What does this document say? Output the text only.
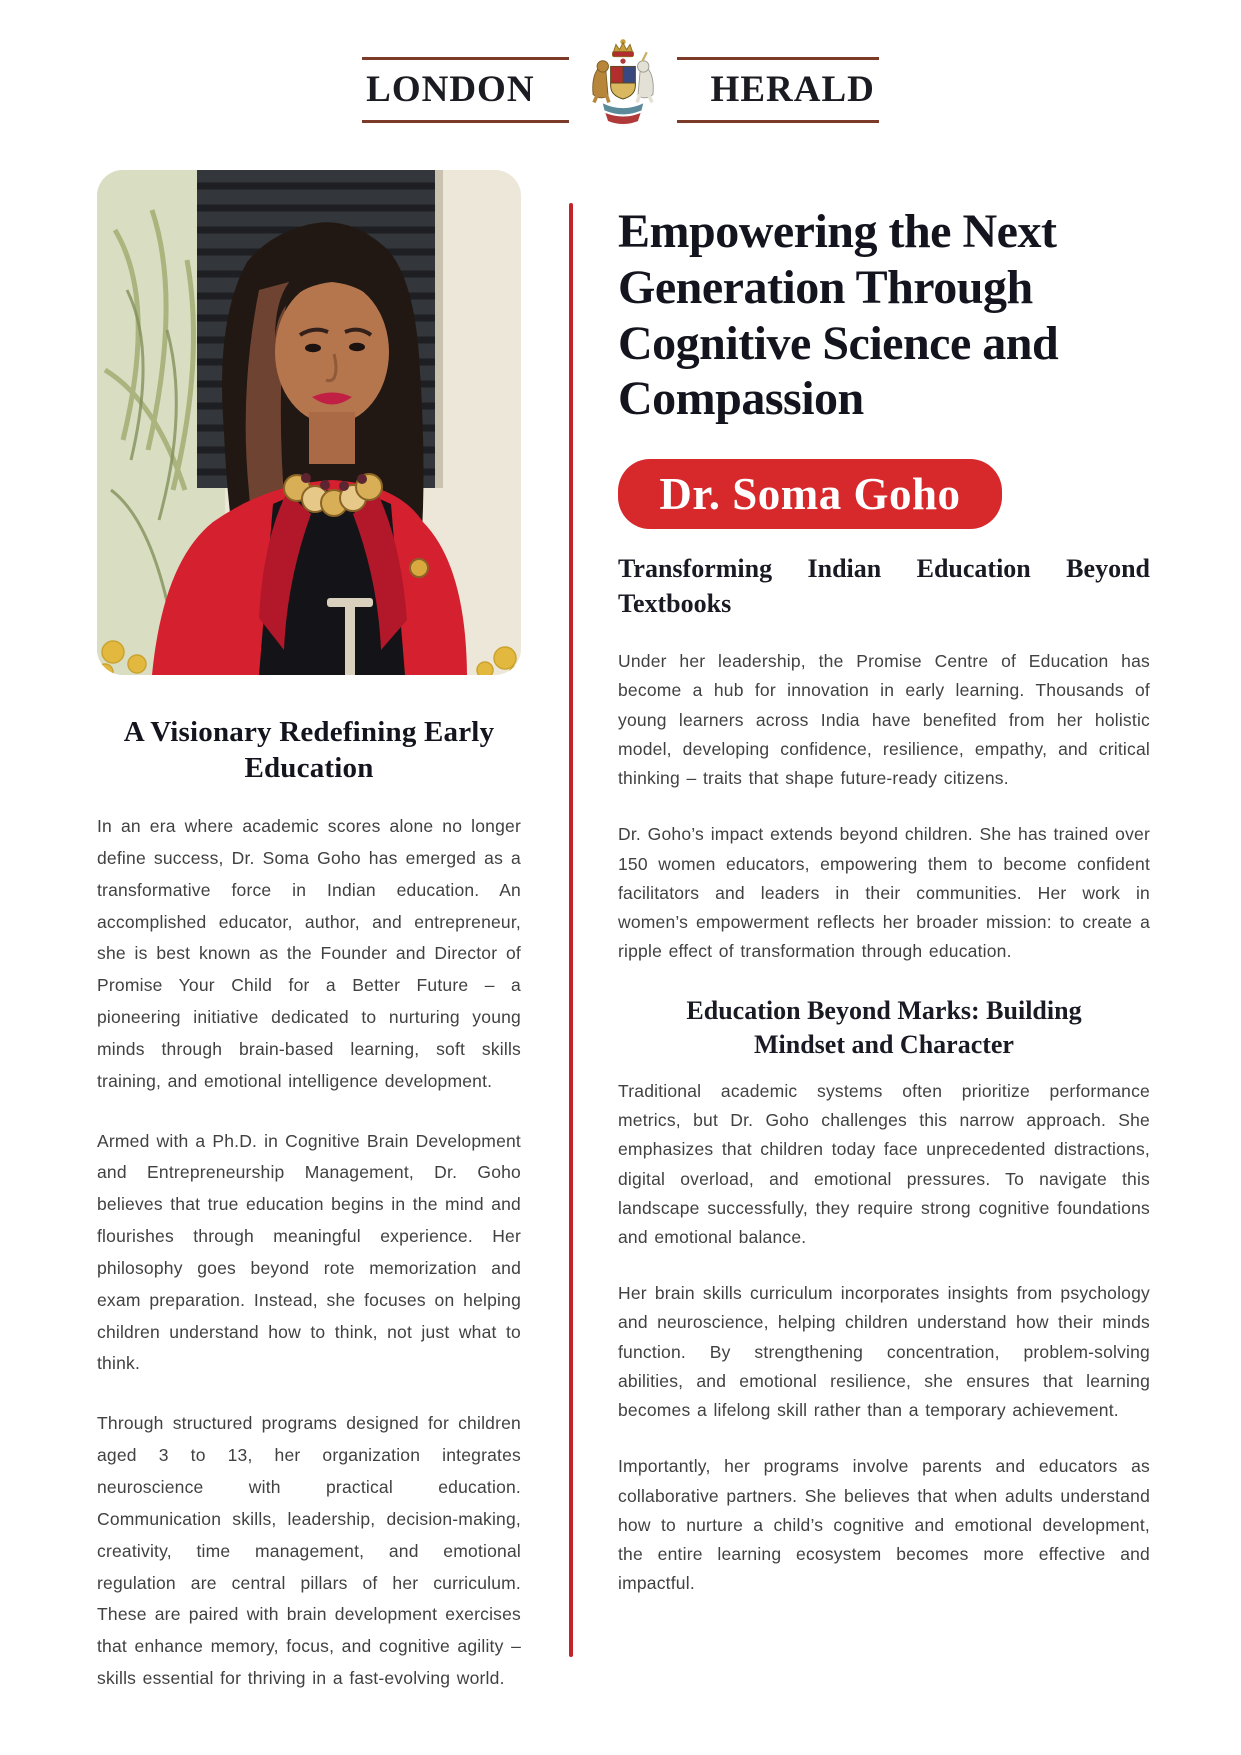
LONDON	HERALD
A Visionary Redefining Early Education

In an era where academic scores alone no longer define success, Dr. Soma Goho has emerged as a transformative force in Indian education. An accomplished educator, author, and entrepreneur, she is best known as the Founder and Director of Promise Your Child for a Better Future – a pioneering initiative dedicated to nurturing young minds through brain-based learning, soft skills training, and emotional intelligence development.

Armed with a Ph.D. in Cognitive Brain Development and Entrepreneurship Management, Dr. Goho believes that true education begins in the mind and flourishes through meaningful experience. Her philosophy goes beyond rote memorization and exam preparation. Instead, she focuses on helping children understand how to think, not just what to think.

Through structured programs designed for children aged 3 to 13, her organization integrates neuroscience with practical education. Communication skills, leadership, decision-making, creativity, time management, and emotional regulation are central pillars of her curriculum. These are paired with brain development exercises that enhance memory, focus, and cognitive agility – skills essential for thriving in a fast-evolving world.

Empowering the Next Generation Through Cognitive Science and Compassion
Dr. Soma Goho
Transforming Indian Education Beyond Textbooks

Under her leadership, the Promise Centre of Education has become a hub for innovation in early learning. Thousands of young learners across India have benefited from her holistic model, developing confidence, resilience, empathy, and critical thinking – traits that shape future-ready citizens.

Dr. Goho’s impact extends beyond children. She has trained over 150 women educators, empowering them to become confident facilitators and leaders in their communities. Her work in women’s empowerment reflects her broader mission: to create a ripple effect of transformation through education.

Education Beyond Marks: Building Mindset and Character

Traditional academic systems often prioritize performance metrics, but Dr. Goho challenges this narrow approach. She emphasizes that children today face unprecedented distractions, digital overload, and emotional pressures. To navigate this landscape successfully, they require strong cognitive foundations and emotional balance.

Her brain skills curriculum incorporates insights from psychology and neuroscience, helping children understand how their minds function. By strengthening concentration, problem-solving abilities, and emotional resilience, she ensures that learning becomes a lifelong skill rather than a temporary achievement.

Importantly, her programs involve parents and educators as collaborative partners. She believes that when adults understand how to nurture a child’s cognitive and emotional development, the entire learning ecosystem becomes more effective and impactful.
